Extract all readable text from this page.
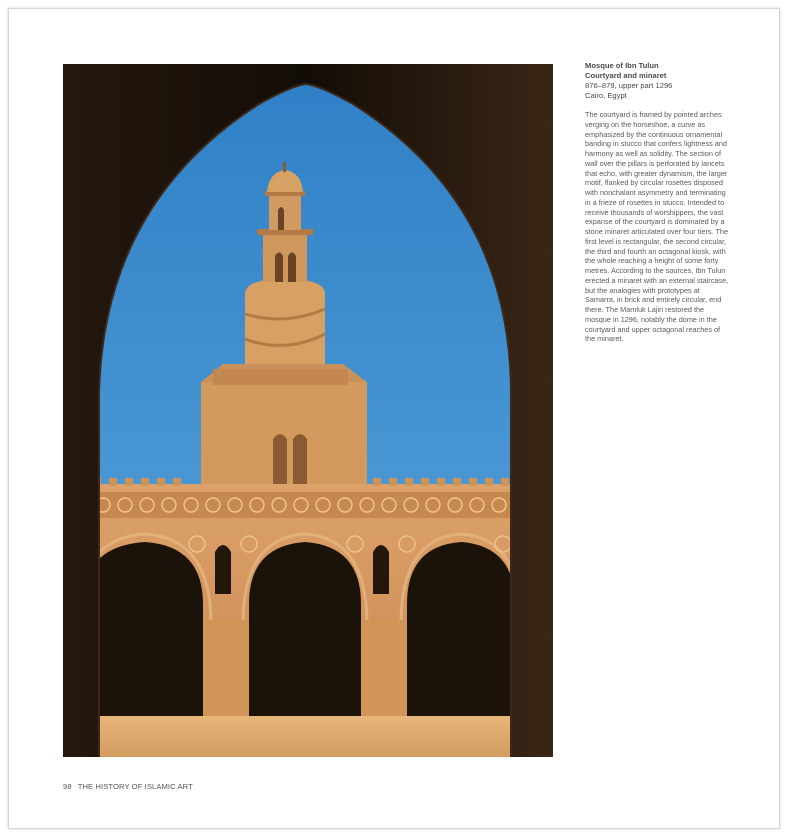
Mosque of Ibn Tulun
Courtyard and minaret
876–879, upper part 1296
Cairo, Egypt
The courtyard is framed by pointed arches verging on the horseshoe, a curve as emphasized by the continuous ornamental banding in stucco that confers lightness and harmony as well as solidity. The section of wall over the pillars is perforated by lancets that echo, with greater dynamism, the larger motif, flanked by circular rosettes disposed with nonchalant asymmetry and terminating in a frieze of rosettes in stucco. Intended to receive thousands of worshippers, the vast expanse of the courtyard is dominated by a stone minaret articulated over four tiers. The first level is rectangular, the second circular, the third and fourth an octagonal kiosk, with the whole reaching a height of some forty metres. According to the sources, Ibn Tulun erected a minaret with an external staircase, but the analogies with prototypes at Samarra, in brick and entirely circular, end there. The Mamluk Lajin restored the mosque in 1296, notably the dome in the courtyard and upper octagonal reaches of the minaret.
98 THE HISTORY OF ISLAMIC ART
